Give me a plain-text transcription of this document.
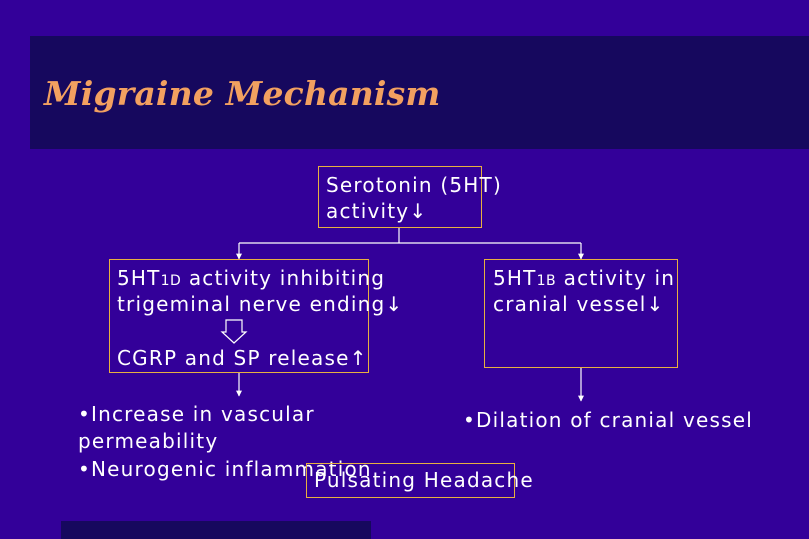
Migraine Mechanism
Serotonin (5HT)
activity↓
5HT1D activity inhibiting
trigeminal nerve ending↓
CGRP and SP release↑
5HT1B activity in
cranial vessel↓
•Increase in vascular
permeability
•Neurogenic inflammation
•Dilation of cranial vessel
Pulsating Headache
